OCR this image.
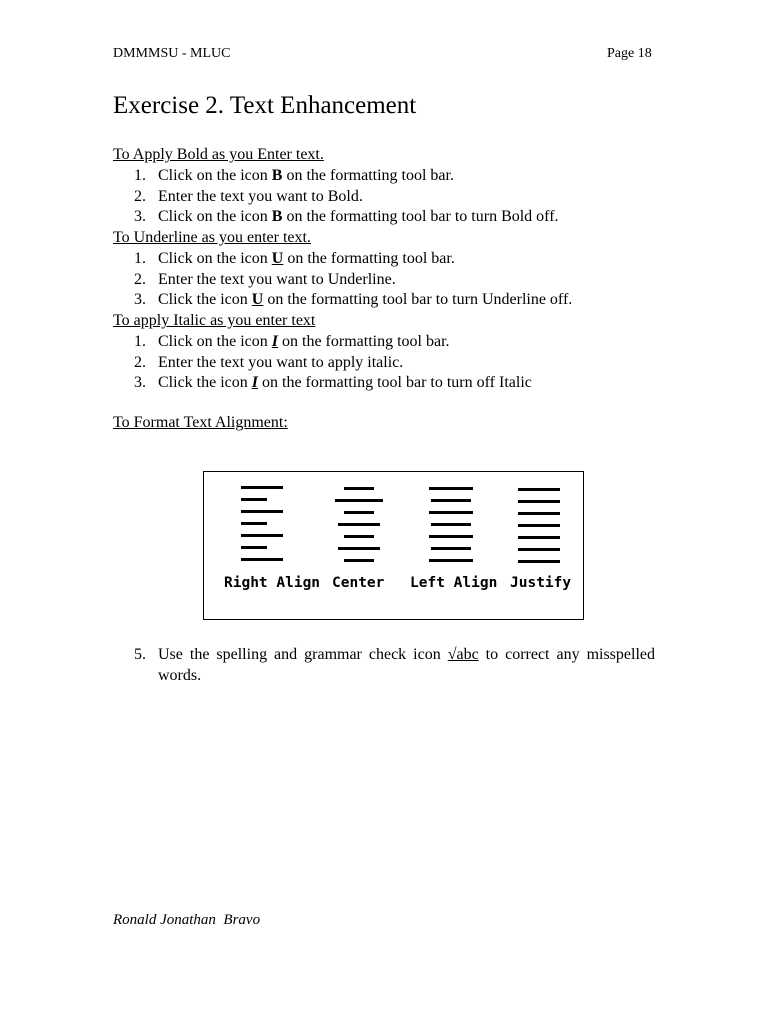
DMMMSU - MLUC	Page 18
Exercise 2. Text Enhancement
To Apply Bold as you Enter text.
1. Click on the icon B on the formatting tool bar.
2. Enter the text you want to Bold.
3. Click on the icon B on the formatting tool bar to turn Bold off.
To Underline as you enter text.
1. Click on the icon U on the formatting tool bar.
2. Enter the text you want to Underline.
3. Click the icon U on the formatting tool bar to turn Underline off.
To apply Italic as you enter text
1. Click on the icon I on the formatting tool bar.
2. Enter the text you want to apply italic.
3. Click the icon I on the formatting tool bar to turn off Italic
To Format Text Alignment:
Right Align Center Left Align Justify
5. Use the spelling and grammar check icon √abc to correct any misspelled words.
Ronald Jonathan  Bravo
